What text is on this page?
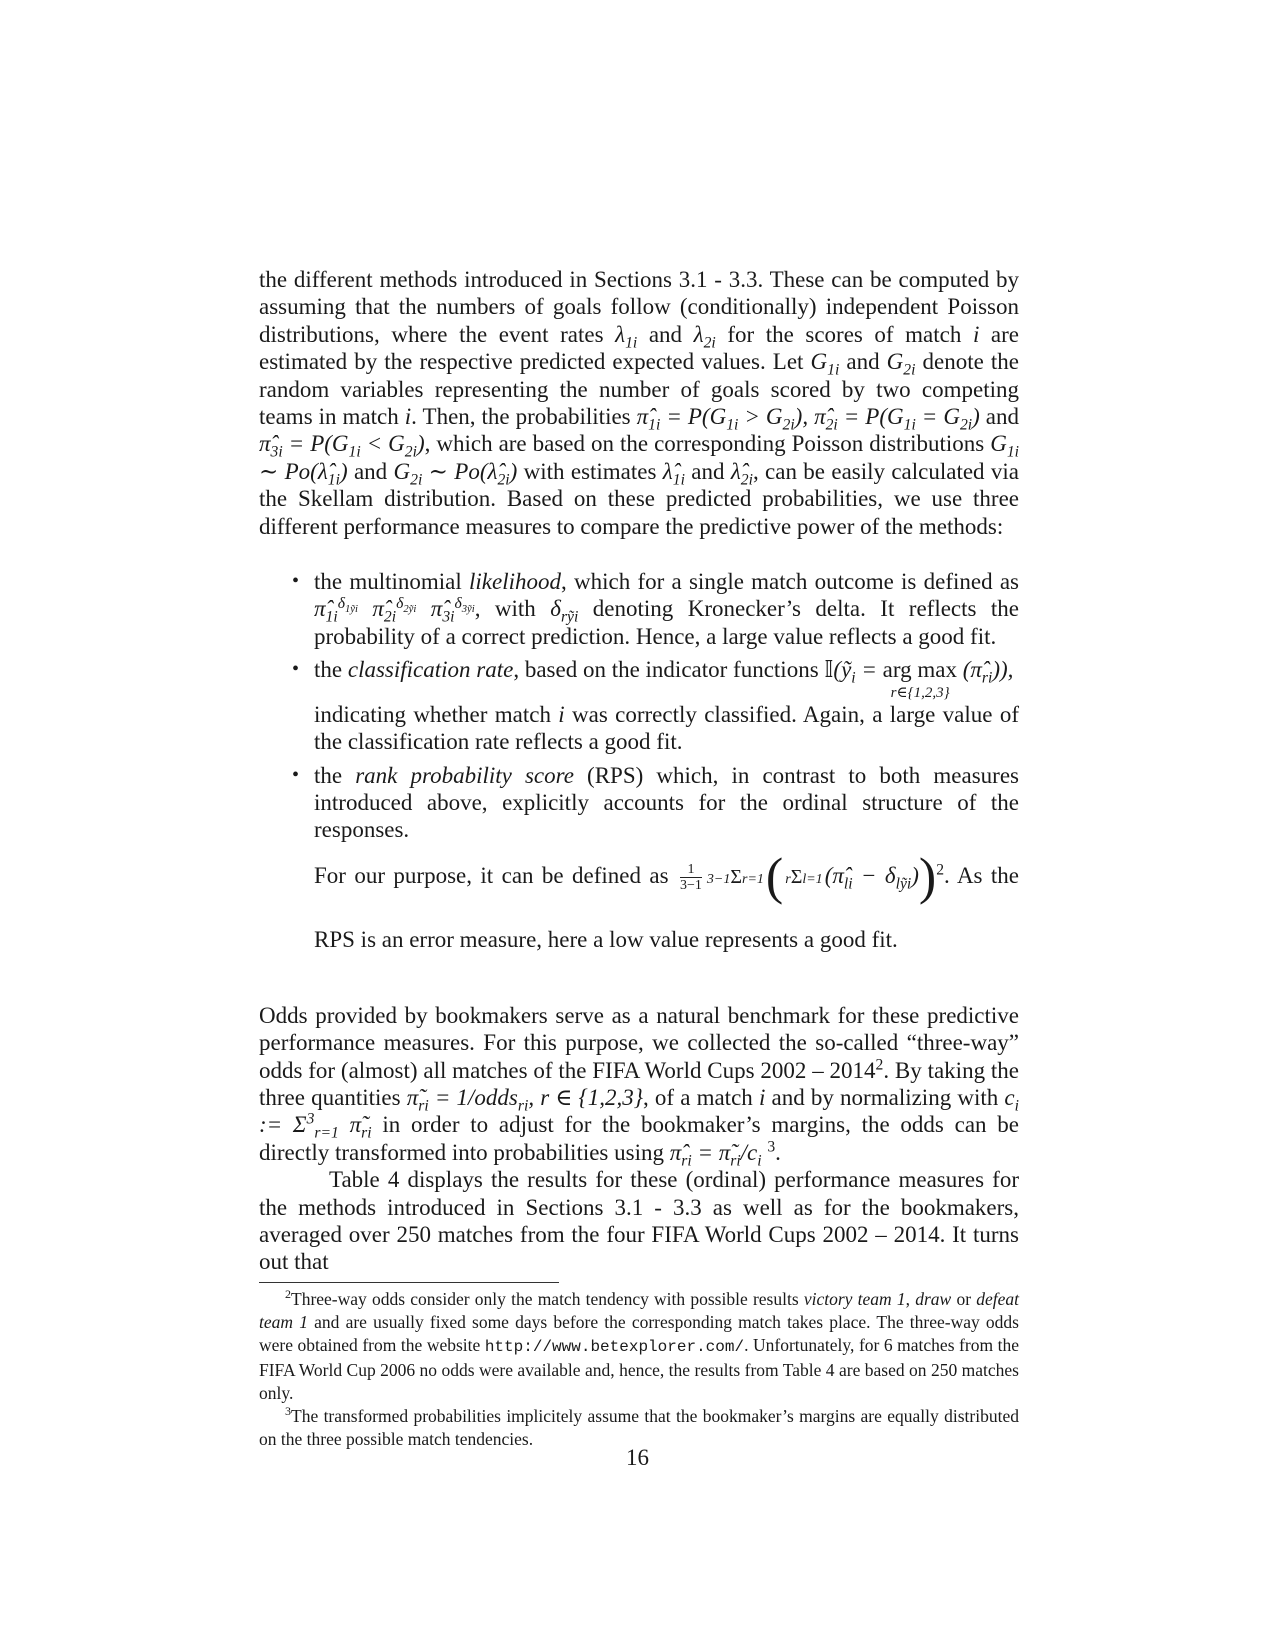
the different methods introduced in Sections 3.1 - 3.3. These can be computed by assuming that the numbers of goals follow (conditionally) independent Poisson distributions, where the event rates $\lambda_{1i}$ and $\lambda_{2i}$ for the scores of match i are estimated by the respective predicted expected values. Let $G_{1i}$ and $G_{2i}$ denote the random variables representing the number of goals scored by two competing teams in match i. Then, the probabilities $\pî_{1i} = P(G_{1i} > G_{2i})$, $\pî_{2i} = P(G_{1i} = G_{2i})$ and $\pî_{3i} = P(G_{1i} < G_{2i})$, which are based on the corresponding Poisson distributions $G_{1i}$ ∼ $Po(\lambdâ_{1i})$ and $G_{2i}$ ∼ $Po(\lambdâ_{2i})$ with estimates $\lambdâ_{1i}$ and $\lambdâ_{2i}$, can be easily calculated via the Skellam distribution. Based on these predicted probabilities, we use three different performance measures to compare the predictive power of the methods:

• the multinomial likelihood, which for a single match outcome is defined as $\pî_{1i}^{\delta_{1ỹi}}$ $\pî_{2i}^{\delta_{2ỹi}}$ $\pî_{3i}^{\delta_{3ỹi}}$, with $\delta_{rỹi}$ denoting Kronecker’s delta. It reflects the probability of a correct prediction. Hence, a large value reflects a good fit.
• the classification rate, based on the indicator functions 𝕀(ỹ$_i$ = arg max
r∈{1,2,3}
$(\pî_{ri})$),
indicating whether match i was correctly classified. Again, a large value of the classification rate reflects a good fit.
• the rank probability score (RPS) which, in contrast to both measures introduced above, explicitly accounts for the ordinal structure of the responses.
For our purpose, it can be defined as $\frac{1}{3-1} 3-1\Sigma r=1$( $r\Sigma l=1(\pî_{li} - \delta_{lỹi}))^2$. As the RPS is an error measure, here a low value represents a good fit.

Odds provided by bookmakers serve as a natural benchmark for these predictive performance measures. For this purpose, we collected the so-called “three-way” odds for (almost) all matches of the FIFA World Cups 2002 – 2014$^2$. By taking the three quantities $\pĩ_{ri}$ = 1/odds$_{ri}$, r ∈ {1,2,3}, of a match i and by normalizing with $c_i$ := $\Sigma^3_{r=1}$ $\pĩ_{ri}$ in order to adjust for the bookmaker’s margins, the odds can be directly transformed into probabilities using $\pî_{ri}$ = $\pĩ_{ri}/c_i$ $^3$.

Table 4 displays the results for these (ordinal) performance measures for the methods introduced in Sections 3.1 - 3.3 as well as for the bookmakers, averaged over 250 matches from the four FIFA World Cups 2002 – 2014. It turns out that

$^2$Three-way odds consider only the match tendency with possible results victory team 1, draw or defeat team 1 and are usually fixed some days before the corresponding match takes place. The three-way odds were obtained from the website http://www.betexplorer.com/. Unfortunately, for 6 matches from the FIFA World Cup 2006 no odds were available and, hence, the results from Table 4 are based on 250 matches only.

$^3$The transformed probabilities implicitely assume that the bookmaker’s margins are equally distributed on the three possible match tendencies.

16
